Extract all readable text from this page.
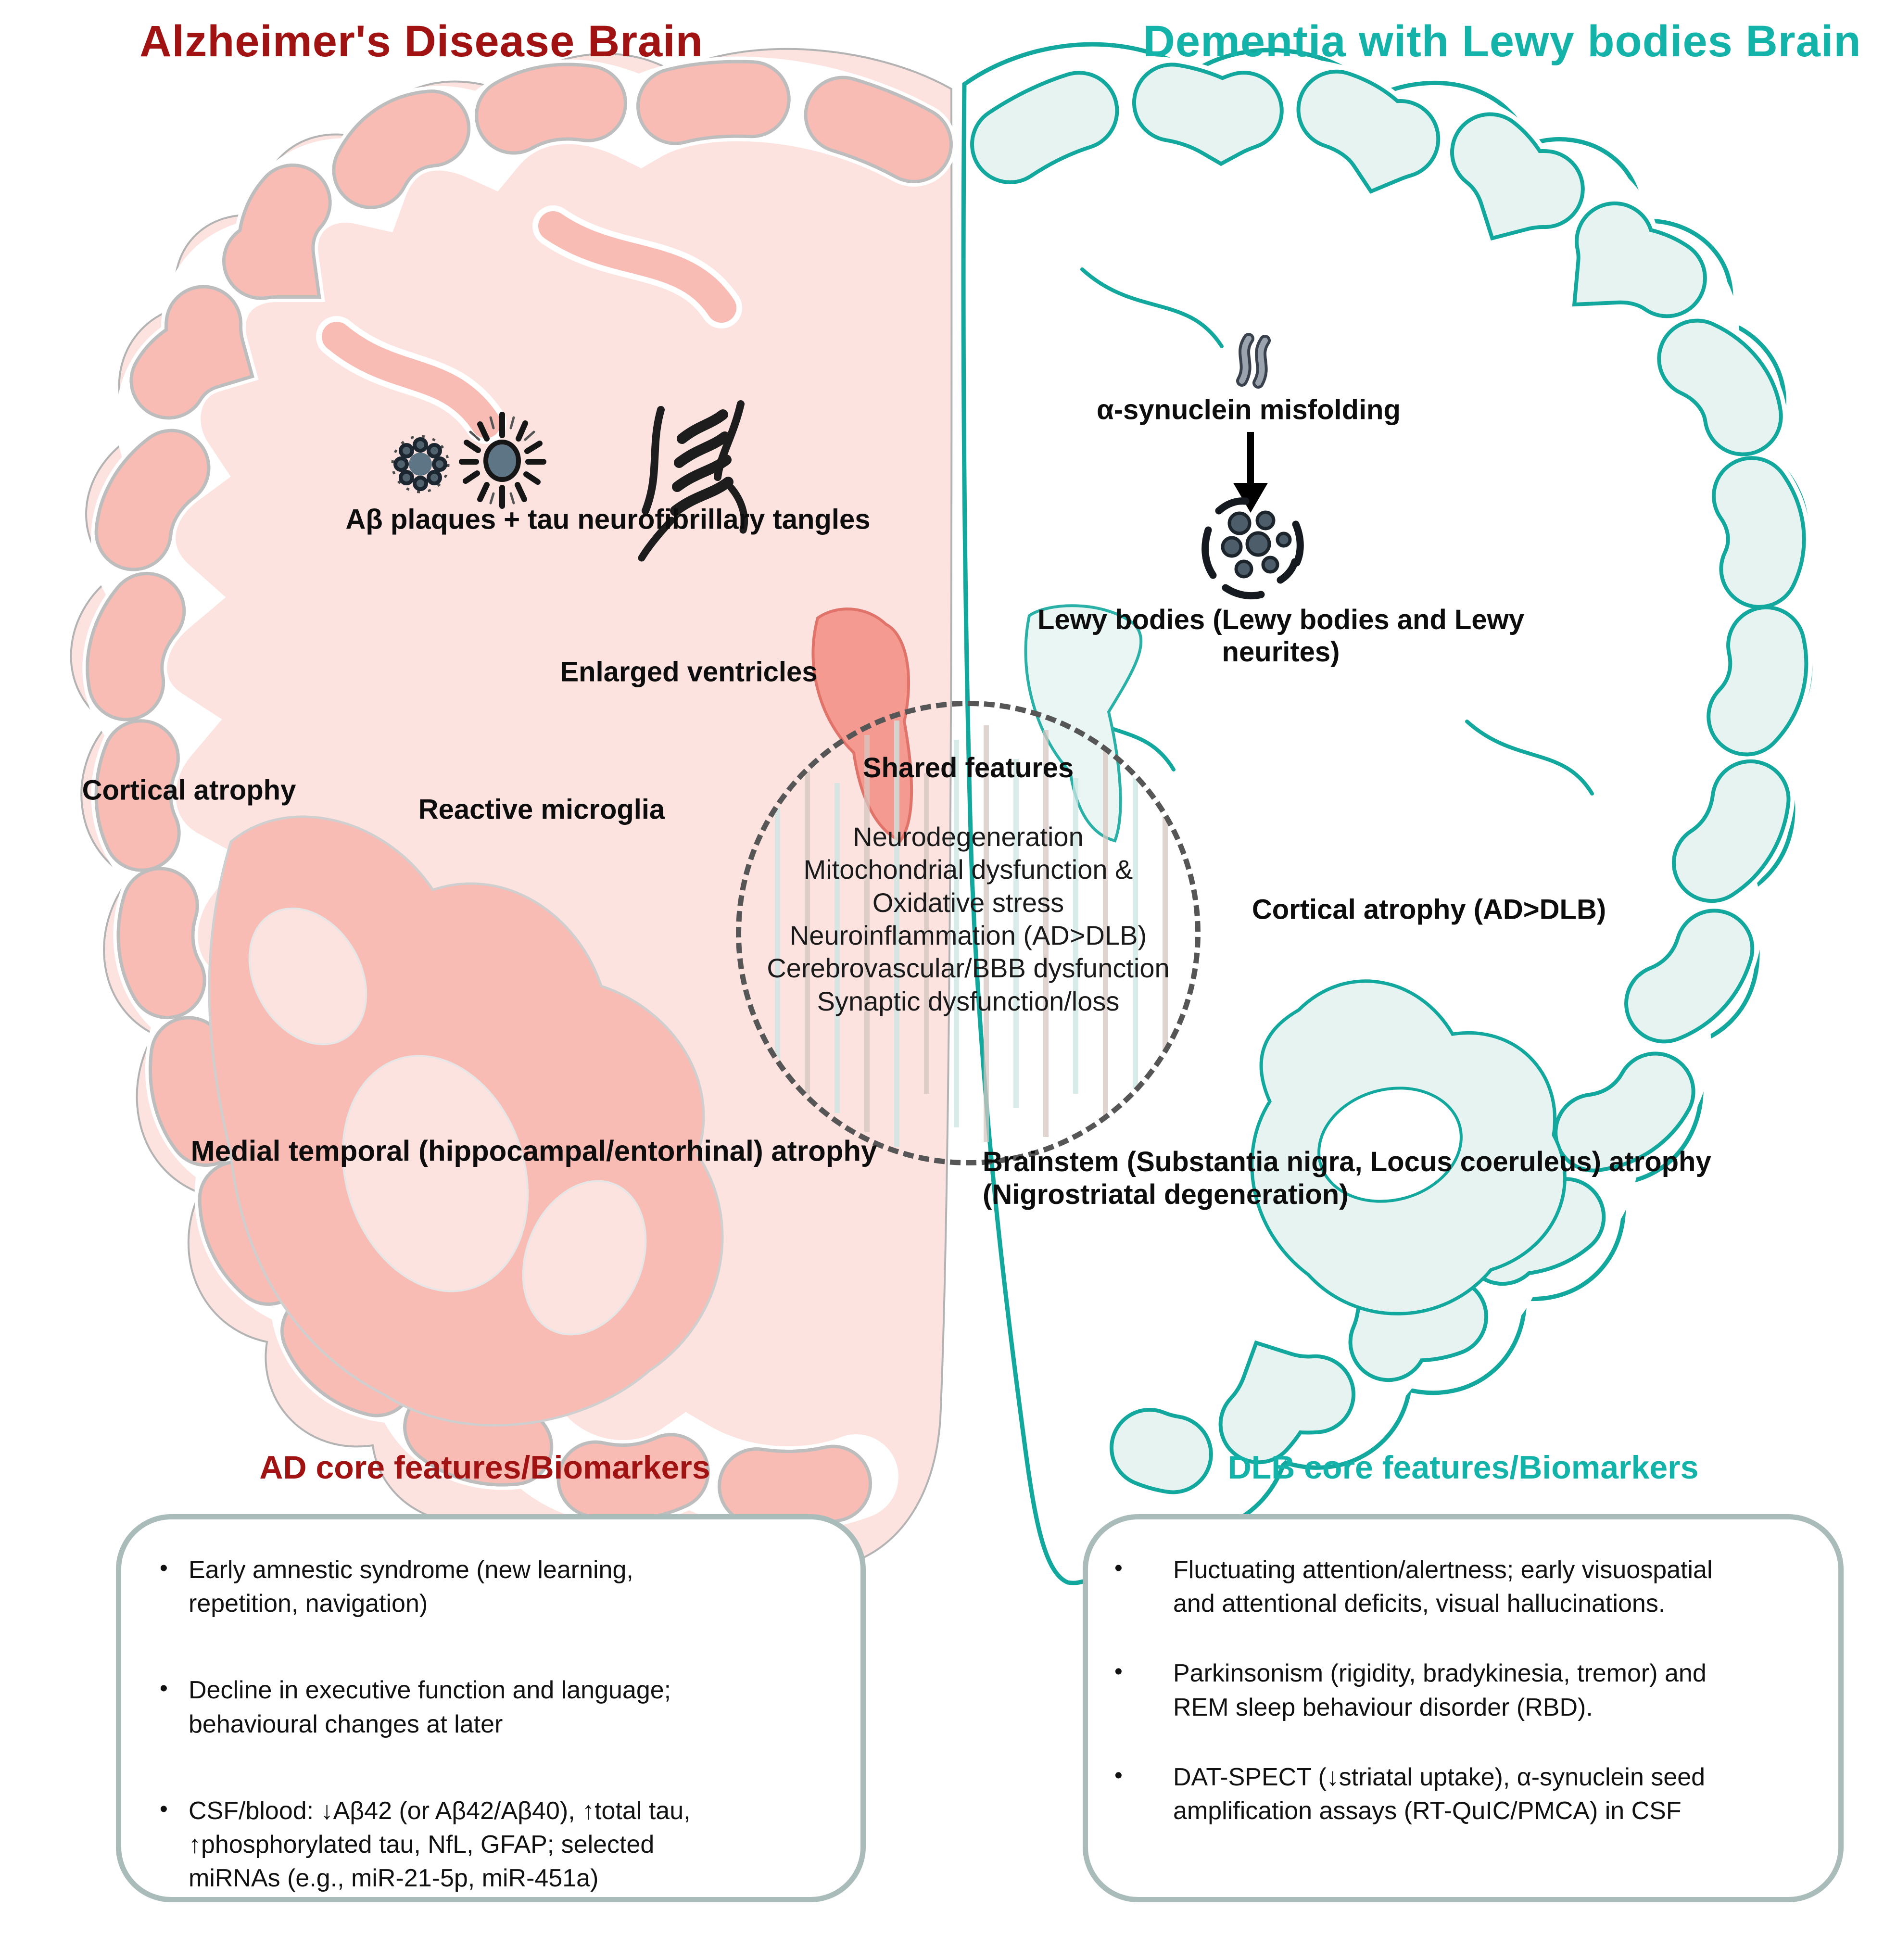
Alzheimer's Disease Brain	Dementia with Lewy bodies Brain
Aβ plaques + tau neurofibrillary tangles
Enlarged ventricles
Cortical atrophy
Reactive microglia
Medial temporal (hippocampal/entorhinal) atrophy
α-synuclein misfolding
Lewy bodies (Lewy bodies and Lewy neurites)
Cortical atrophy (AD>DLB)
Brainstem (Substantia nigra, Locus coeruleus) atrophy (Nigrostriatal degeneration)
Shared features
Neurodegeneration
Mitochondrial dysfunction & Oxidative stress
Neuroinflammation (AD>DLB)
Cerebrovascular/BBB dysfunction
Synaptic dysfunction/loss
AD core features/Biomarkers	DLB core features/Biomarkers
• Early amnestic syndrome (new learning, repetition, navigation)
• Decline in executive function and language; behavioural changes at later
• CSF/blood: ↓Aβ42 (or Aβ42/Aβ40), ↑total tau, ↑phosphorylated tau, NfL, GFAP; selected miRNAs (e.g., miR-21-5p, miR-451a)
• Fluctuating attention/alertness; early visuospatial and attentional deficits, visual hallucinations.
• Parkinsonism (rigidity, bradykinesia, tremor) and REM sleep behaviour disorder (RBD).
• DAT-SPECT (↓striatal uptake), α-synuclein seed amplification assays (RT-QuIC/PMCA) in CSF
